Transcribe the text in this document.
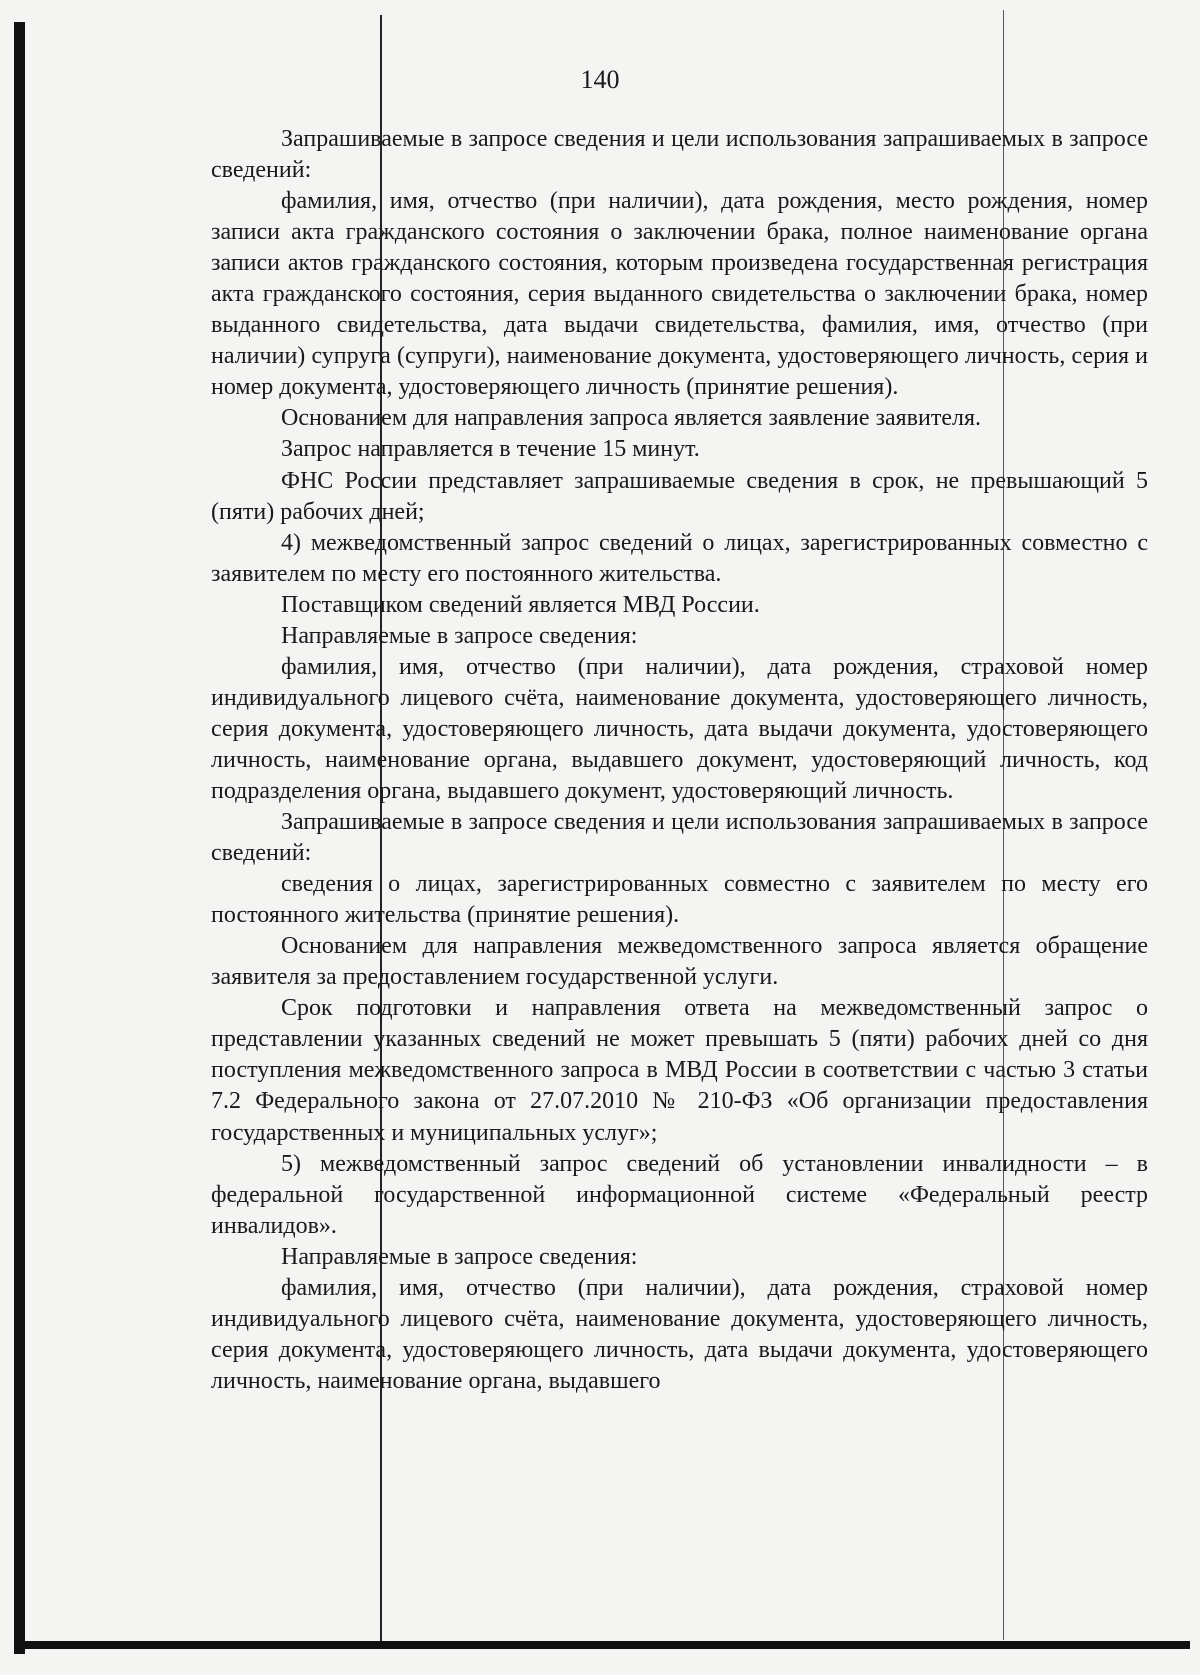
140

Запрашиваемые в запросе сведения и цели использования запрашиваемых в запросе сведений:

фамилия, имя, отчество (при наличии), дата рождения, место рождения, номер записи акта гражданского состояния о заключении брака, полное наименование органа записи актов гражданского состояния, которым произведена государственная регистрация акта гражданского состояния, серия выданного свидетельства о заключении брака, номер выданного свидетельства, дата выдачи свидетельства, фамилия, имя, отчество (при наличии) супруга (супруги), наименование документа, удостоверяющего личность, серия и номер документа, удостоверяющего личность (принятие решения).

Основанием для направления запроса является заявление заявителя.

Запрос направляется в течение 15 минут.

ФНС России представляет запрашиваемые сведения в срок, не превышающий 5 (пяти) рабочих дней;

4) межведомственный запрос сведений о лицах, зарегистрированных совместно с заявителем по месту его постоянного жительства.

Поставщиком сведений является МВД России.

Направляемые в запросе сведения:

фамилия, имя, отчество (при наличии), дата рождения, страховой номер индивидуального лицевого счёта, наименование документа, удостоверяющего личность, серия документа, удостоверяющего личность, дата выдачи документа, удостоверяющего личность, наименование органа, выдавшего документ, удостоверяющий личность, код подразделения органа, выдавшего документ, удостоверяющий личность.

Запрашиваемые в запросе сведения и цели использования запрашиваемых в запросе сведений:

сведения о лицах, зарегистрированных совместно с заявителем по месту его постоянного жительства (принятие решения).

Основанием для направления межведомственного запроса является обращение заявителя за предоставлением государственной услуги.

Срок подготовки и направления ответа на межведомственный запрос о представлении указанных сведений не может превышать 5 (пяти) рабочих дней со дня поступления межведомственного запроса в МВД России в соответствии с частью 3 статьи 7.2 Федерального закона от 27.07.2010 № 210-ФЗ «Об организации предоставления государственных и муниципальных услуг»;

5) межведомственный запрос сведений об установлении инвалидности – в федеральной государственной информационной системе «Федеральный реестр инвалидов».

Направляемые в запросе сведения:

фамилия, имя, отчество (при наличии), дата рождения, страховой номер индивидуального лицевого счёта, наименование документа, удостоверяющего личность, серия документа, удостоверяющего личность, дата выдачи документа, удостоверяющего личность, наименование органа, выдавшего
